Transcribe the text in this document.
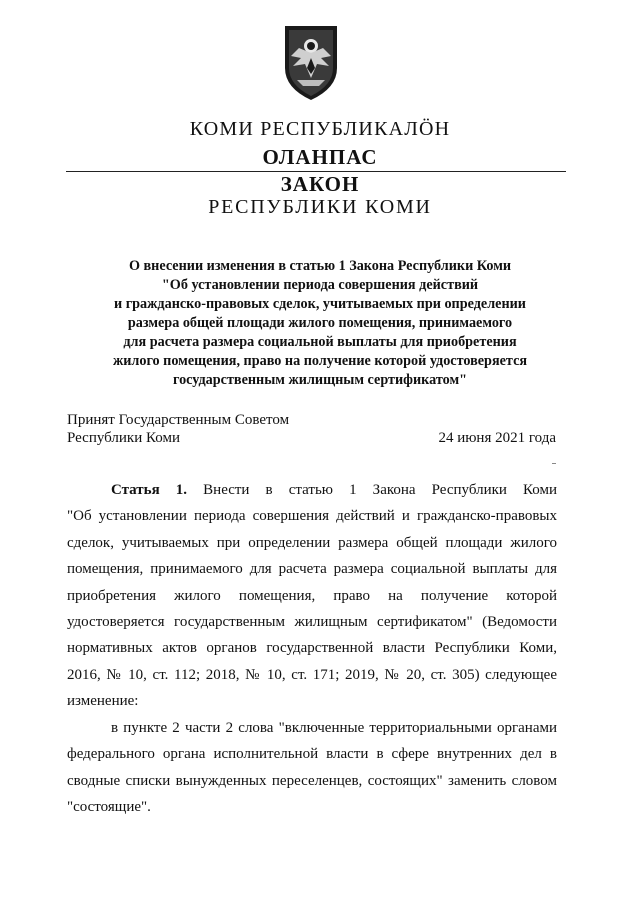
КОМИ РЕСПУБЛИКАЛÖН
ОЛАНПАС
ЗАКОН
РЕСПУБЛИКИ КОМИ
О внесении изменения в статью 1 Закона Республики Коми
"Об установлении периода совершения действий
и гражданско-правовых сделок, учитываемых при определении
размера общей площади жилого помещения, принимаемого
для расчета размера социальной выплаты для приобретения
жилого помещения, право на получение которой удостоверяется
государственным жилищным сертификатом"
Принят Государственным Советом
Республики Коми	24 июня 2021 года
Статья 1. Внести в статью 1 Закона Республики Коми
"Об установлении периода совершения действий и гражданско-правовых
сделок, учитываемых при определении размера общей площади жилого
помещения, принимаемого для расчета размера социальной выплаты для
приобретения жилого помещения, право на получение которой
удостоверяется государственным жилищным сертификатом" (Ведомости
нормативных актов органов государственной власти Республики Коми,
2016, № 10, ст. 112; 2018, № 10, ст. 171; 2019, № 20, ст. 305) следующее
изменение:
в пункте 2 части 2 слова "включенные территориальными органами
федерального органа исполнительной власти в сфере внутренних дел в
сводные списки вынужденных переселенцев, состоящих" заменить словом
"состоящие".
